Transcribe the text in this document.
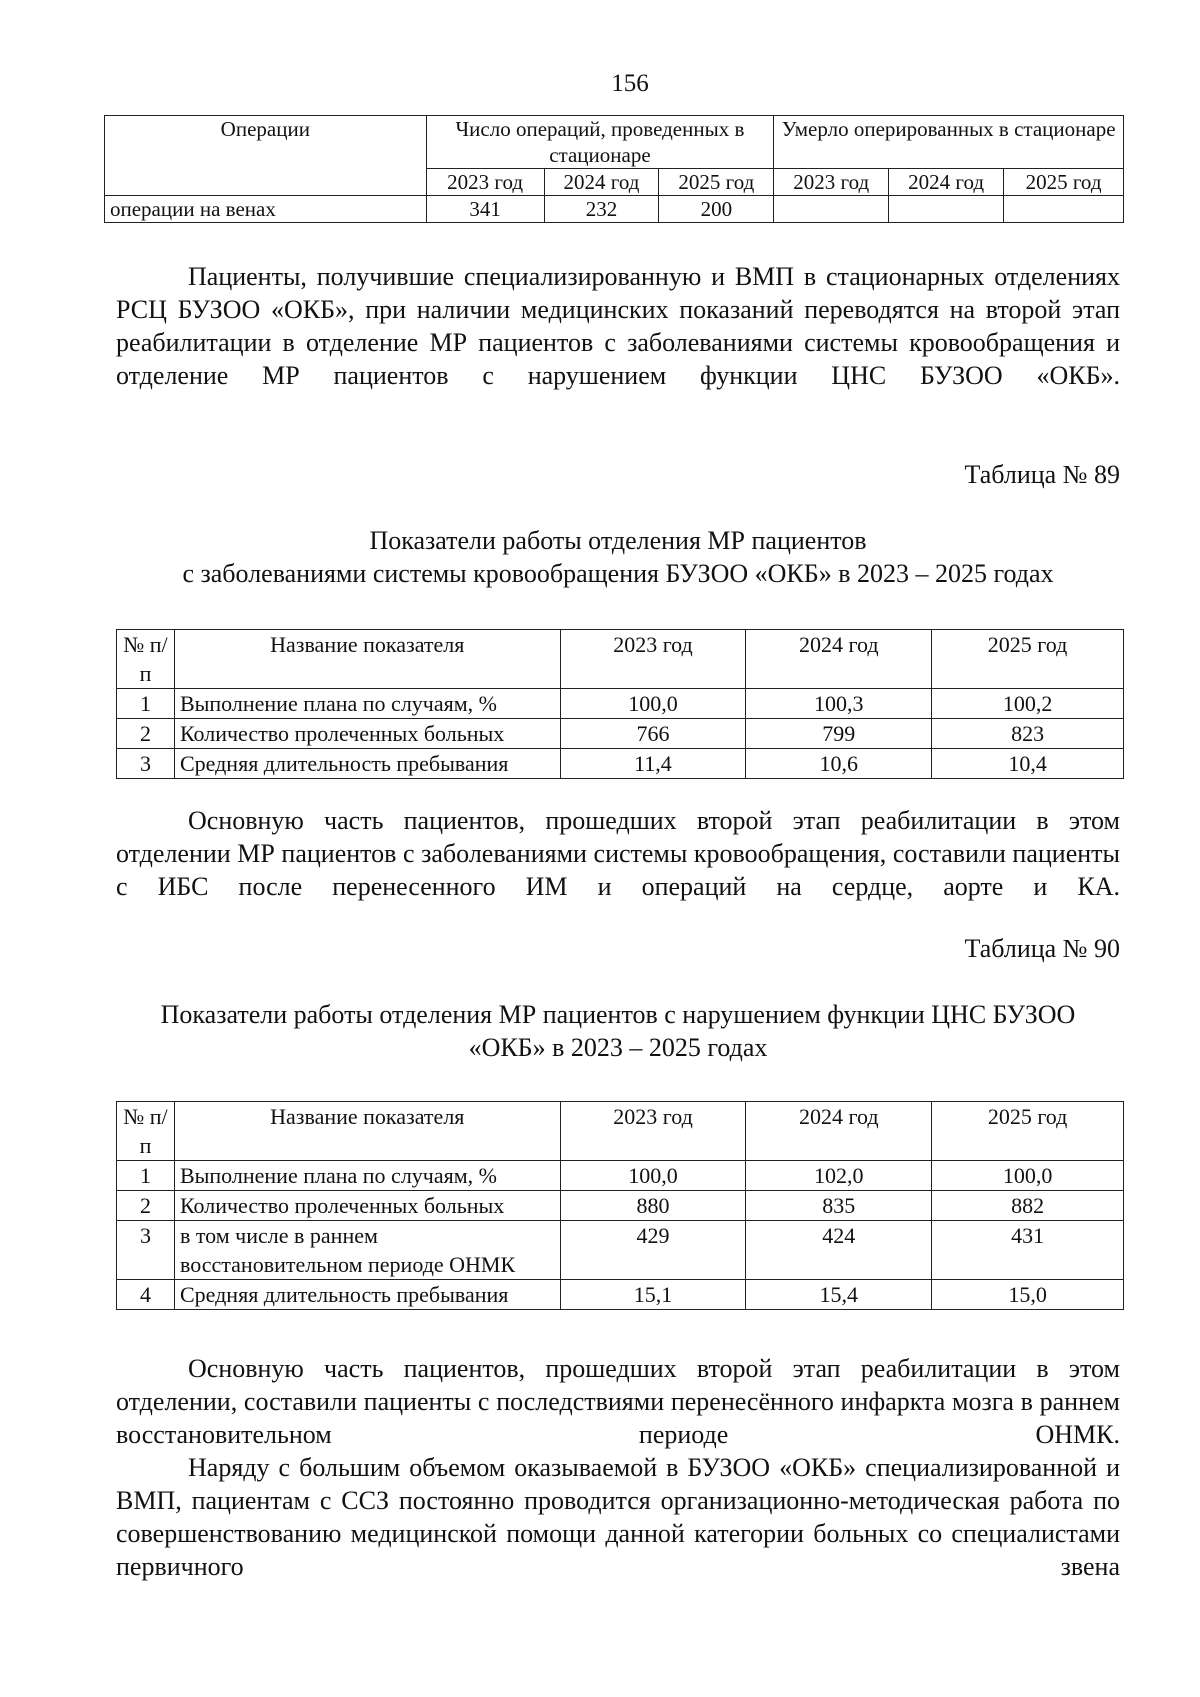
156
Операции	Число операций, проведенных в стационаре			Умерло оперированных в стационаре		
	2023 год	2024 год	2025 год	2023 год	2024 год	2025 год
операции на венах	341	232	200			

Пациенты, получившие специализированную и ВМП в стационарных отделениях РСЦ БУЗОО «ОКБ», при наличии медицинских показаний переводятся на второй этап реабилитации в отделение МР пациентов с заболеваниями системы кровообращения и отделение МР пациентов с нарушением функции ЦНС БУЗОО «ОКБ».

Таблица № 89
Показатели работы отделения МР пациентов
с заболеваниями системы кровообращения БУЗОО «ОКБ» в 2023 – 2025 годах
№ п/п	Название показателя	2023 год	2024 год	2025 год
1	Выполнение плана по случаям, %	100,0	100,3	100,2
2	Количество пролеченных больных	766	799	823
3	Средняя длительность пребывания	11,4	10,6	10,4

Основную часть пациентов, прошедших второй этап реабилитации в этом отделении МР пациентов с заболеваниями системы кровообращения, составили пациенты с ИБС после перенесенного ИМ и операций на сердце, аорте и КА.

Таблица № 90
Показатели работы отделения МР пациентов с нарушением функции ЦНС БУЗОО
«ОКБ» в 2023 – 2025 годах
№ п/п	Название показателя	2023 год	2024 год	2025 год
1	Выполнение плана по случаям, %	100,0	102,0	100,0
2	Количество пролеченных больных	880	835	882
3	в том числе в раннем восстановительном периоде ОНМК	429	424	431
4	Средняя длительность пребывания	15,1	15,4	15,0

Основную часть пациентов, прошедших второй этап реабилитации в этом отделении, составили пациенты с последствиями перенесённого инфаркта мозга в раннем восстановительном периоде ОНМК.

Наряду с большим объемом оказываемой в БУЗОО «ОКБ» специализированной и ВМП, пациентам с ССЗ постоянно проводится организационно-методическая работа по совершенствованию медицинской помощи данной категории больных со специалистами первичного звена
